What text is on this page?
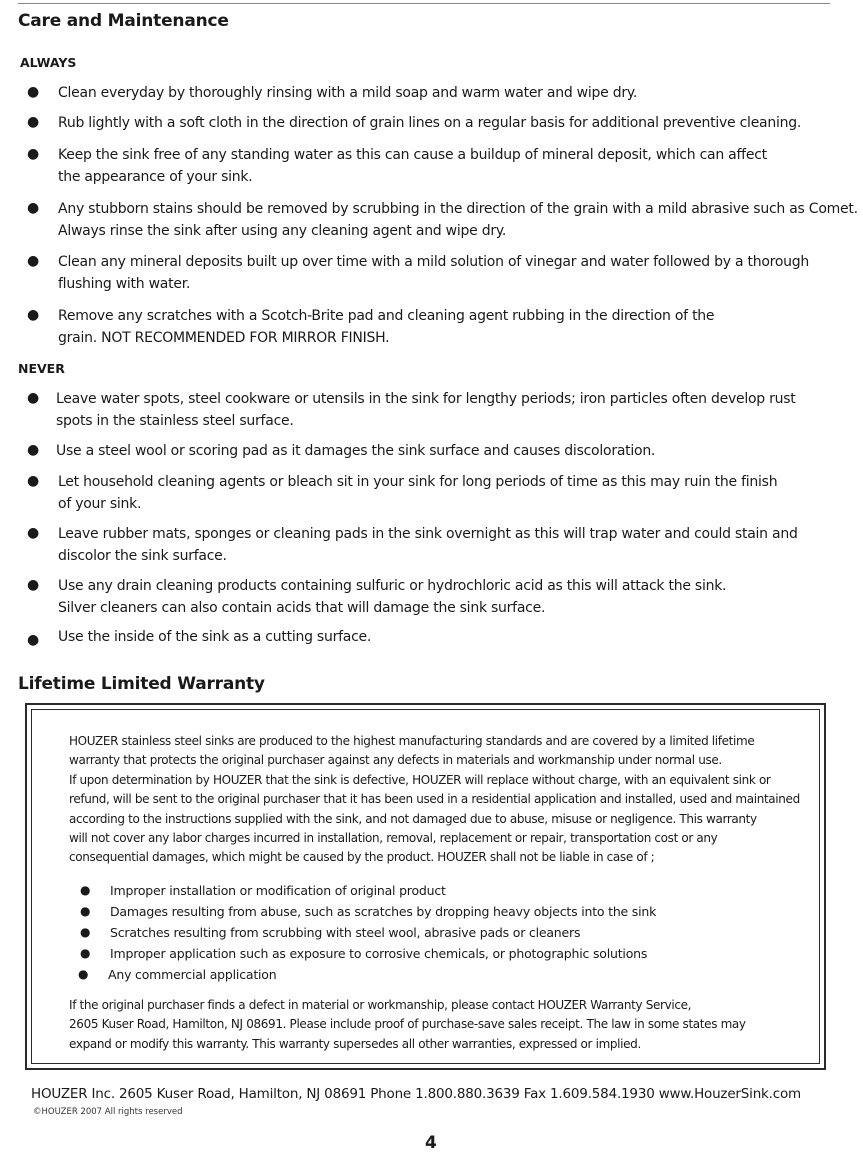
Care and Maintenance
ALWAYS
● Clean everyday by thoroughly rinsing with a mild soap and warm water and wipe dry.
● Rub lightly with a soft cloth in the direction of grain lines on a regular basis for additional preventive cleaning.
● Keep the sink free of any standing water as this can cause a buildup of mineral deposit, which can affect
the appearance of your sink.
● Any stubborn stains should be removed by scrubbing in the direction of the grain with a mild abrasive such as Comet.
Always rinse the sink after using any cleaning agent and wipe dry.
● Clean any mineral deposits built up over time with a mild solution of vinegar and water followed by a thorough
flushing with water.
● Remove any scratches with a Scotch-Brite pad and cleaning agent rubbing in the direction of the
grain. NOT RECOMMENDED FOR MIRROR FINISH.
NEVER
● Leave water spots, steel cookware or utensils in the sink for lengthy periods; iron particles often develop rust
spots in the stainless steel surface.
● Use a steel wool or scoring pad as it damages the sink surface and causes discoloration.
● Let household cleaning agents or bleach sit in your sink for long periods of time as this may ruin the finish
of your sink.
● Leave rubber mats, sponges or cleaning pads in the sink overnight as this will trap water and could stain and
discolor the sink surface.
● Use any drain cleaning products containing sulfuric or hydrochloric acid as this will attack the sink.
Silver cleaners can also contain acids that will damage the sink surface.
● Use the inside of the sink as a cutting surface.
Lifetime Limited Warranty
HOUZER stainless steel sinks are produced to the highest manufacturing standards and are covered by a limited lifetime
warranty that protects the original purchaser against any defects in materials and workmanship under normal use.
If upon determination by HOUZER that the sink is defective, HOUZER will replace without charge, with an equivalent sink or
refund, will be sent to the original purchaser that it has been used in a residential application and installed, used and maintained
according to the instructions supplied with the sink, and not damaged due to abuse, misuse or negligence. This warranty
will not cover any labor charges incurred in installation, removal, replacement or repair, transportation cost or any
consequential damages, which might be caused by the product. HOUZER shall not be liable in case of ;
● Improper installation or modification of original product
● Damages resulting from abuse, such as scratches by dropping heavy objects into the sink
● Scratches resulting from scrubbing with steel wool, abrasive pads or cleaners
● Improper application such as exposure to corrosive chemicals, or photographic solutions
● Any commercial application
If the original purchaser finds a defect in material or workmanship, please contact HOUZER Warranty Service,
2605 Kuser Road, Hamilton, NJ 08691. Please include proof of purchase-save sales receipt. The law in some states may
expand or modify this warranty. This warranty supersedes all other warranties, expressed or implied.
HOUZER Inc. 2605 Kuser Road, Hamilton, NJ 08691 Phone 1.800.880.3639 Fax 1.609.584.1930 www.HouzerSink.com
©HOUZER 2007 All rights reserved
4
